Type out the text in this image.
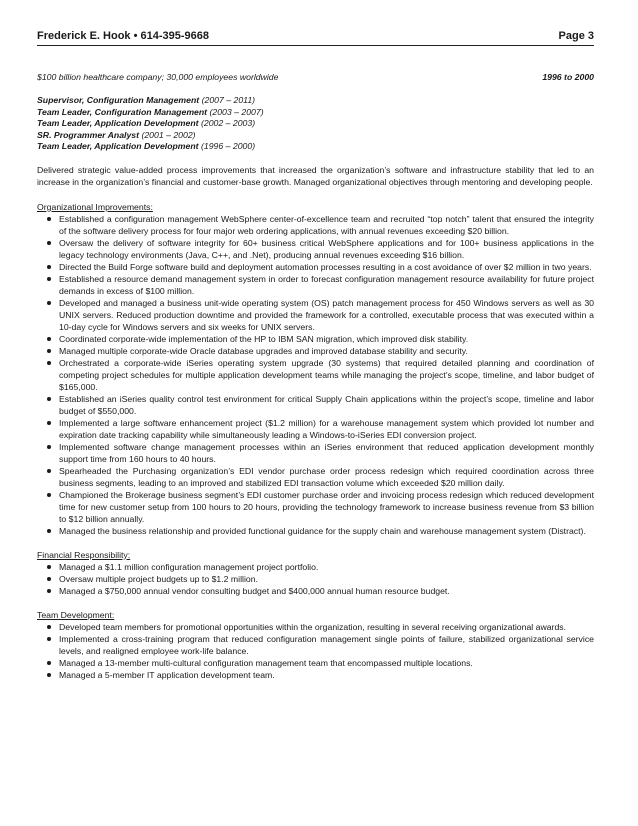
Frederick E. Hook • 614-395-9668	Page 3
$100 billion healthcare company; 30,000 employees worldwide	1996 to 2000
Supervisor, Configuration Management (2007 – 2011)
Team Leader, Configuration Management (2003 – 2007)
Team Leader, Application Development (2002 – 2003)
SR. Programmer Analyst (2001 – 2002)
Team Leader, Application Development (1996 – 2000)
Delivered strategic value-added process improvements that increased the organization’s software and infrastructure stability that led to an increase in the organization’s financial and customer-base growth. Managed organizational objectives through mentoring and developing people.
Organizational Improvements:
Established a configuration management WebSphere center-of-excellence team and recruited “top notch” talent that ensured the integrity of the software delivery process for four major web ordering applications, with annual revenues exceeding $20 billion.
Oversaw the delivery of software integrity for 60+ business critical WebSphere applications and for 100+ business applications in the legacy technology environments (Java, C++, and .Net), producing annual revenues exceeding $16 billion.
Directed the Build Forge software build and deployment automation processes resulting in a cost avoidance of over $2 million in two years.
Established a resource demand management system in order to forecast configuration management resource availability for future project demands in excess of $100 million.
Developed and managed a business unit-wide operating system (OS) patch management process for 450 Windows servers as well as 30 UNIX servers. Reduced production downtime and provided the framework for a controlled, executable process that was executed within a 10-day cycle for Windows servers and six weeks for UNIX servers.
Coordinated corporate-wide implementation of the HP to IBM SAN migration, which improved disk stability.
Managed multiple corporate-wide Oracle database upgrades and improved database stability and security.
Orchestrated a corporate-wide iSeries operating system upgrade (30 systems) that required detailed planning and coordination of competing project schedules for multiple application development teams while managing the project’s scope, timeline, and labor budget of $165,000.
Established an iSeries quality control test environment for critical Supply Chain applications within the project’s scope, timeline and labor budget of $550,000.
Implemented a large software enhancement project ($1.2 million) for a warehouse management system which provided lot number and expiration date tracking capability while simultaneously leading a Windows-to-iSeries EDI conversion project.
Implemented software change management processes within an iSeries environment that reduced application development monthly support time from 160 hours to 40 hours.
Spearheaded the Purchasing organization’s EDI vendor purchase order process redesign which required coordination across three business segments, leading to an improved and stabilized EDI transaction volume which exceeded $20 million daily.
Championed the Brokerage business segment’s EDI customer purchase order and invoicing process redesign which reduced development time for new customer setup from 100 hours to 20 hours, providing the technology framework to increase business revenue from $3 billion to $12 billion annually.
Managed the business relationship and provided functional guidance for the supply chain and warehouse management system (Distract).
Financial Responsibility:
Managed a $1.1 million configuration management project portfolio.
Oversaw multiple project budgets up to $1.2 million.
Managed a $750,000 annual vendor consulting budget and $400,000 annual human resource budget.
Team Development:
Developed team members for promotional opportunities within the organization, resulting in several receiving organizational awards.
Implemented a cross-training program that reduced configuration management single points of failure, stabilized organizational service levels, and realigned employee work-life balance.
Managed a 13-member multi-cultural configuration management team that encompassed multiple locations.
Managed a 5-member IT application development team.
